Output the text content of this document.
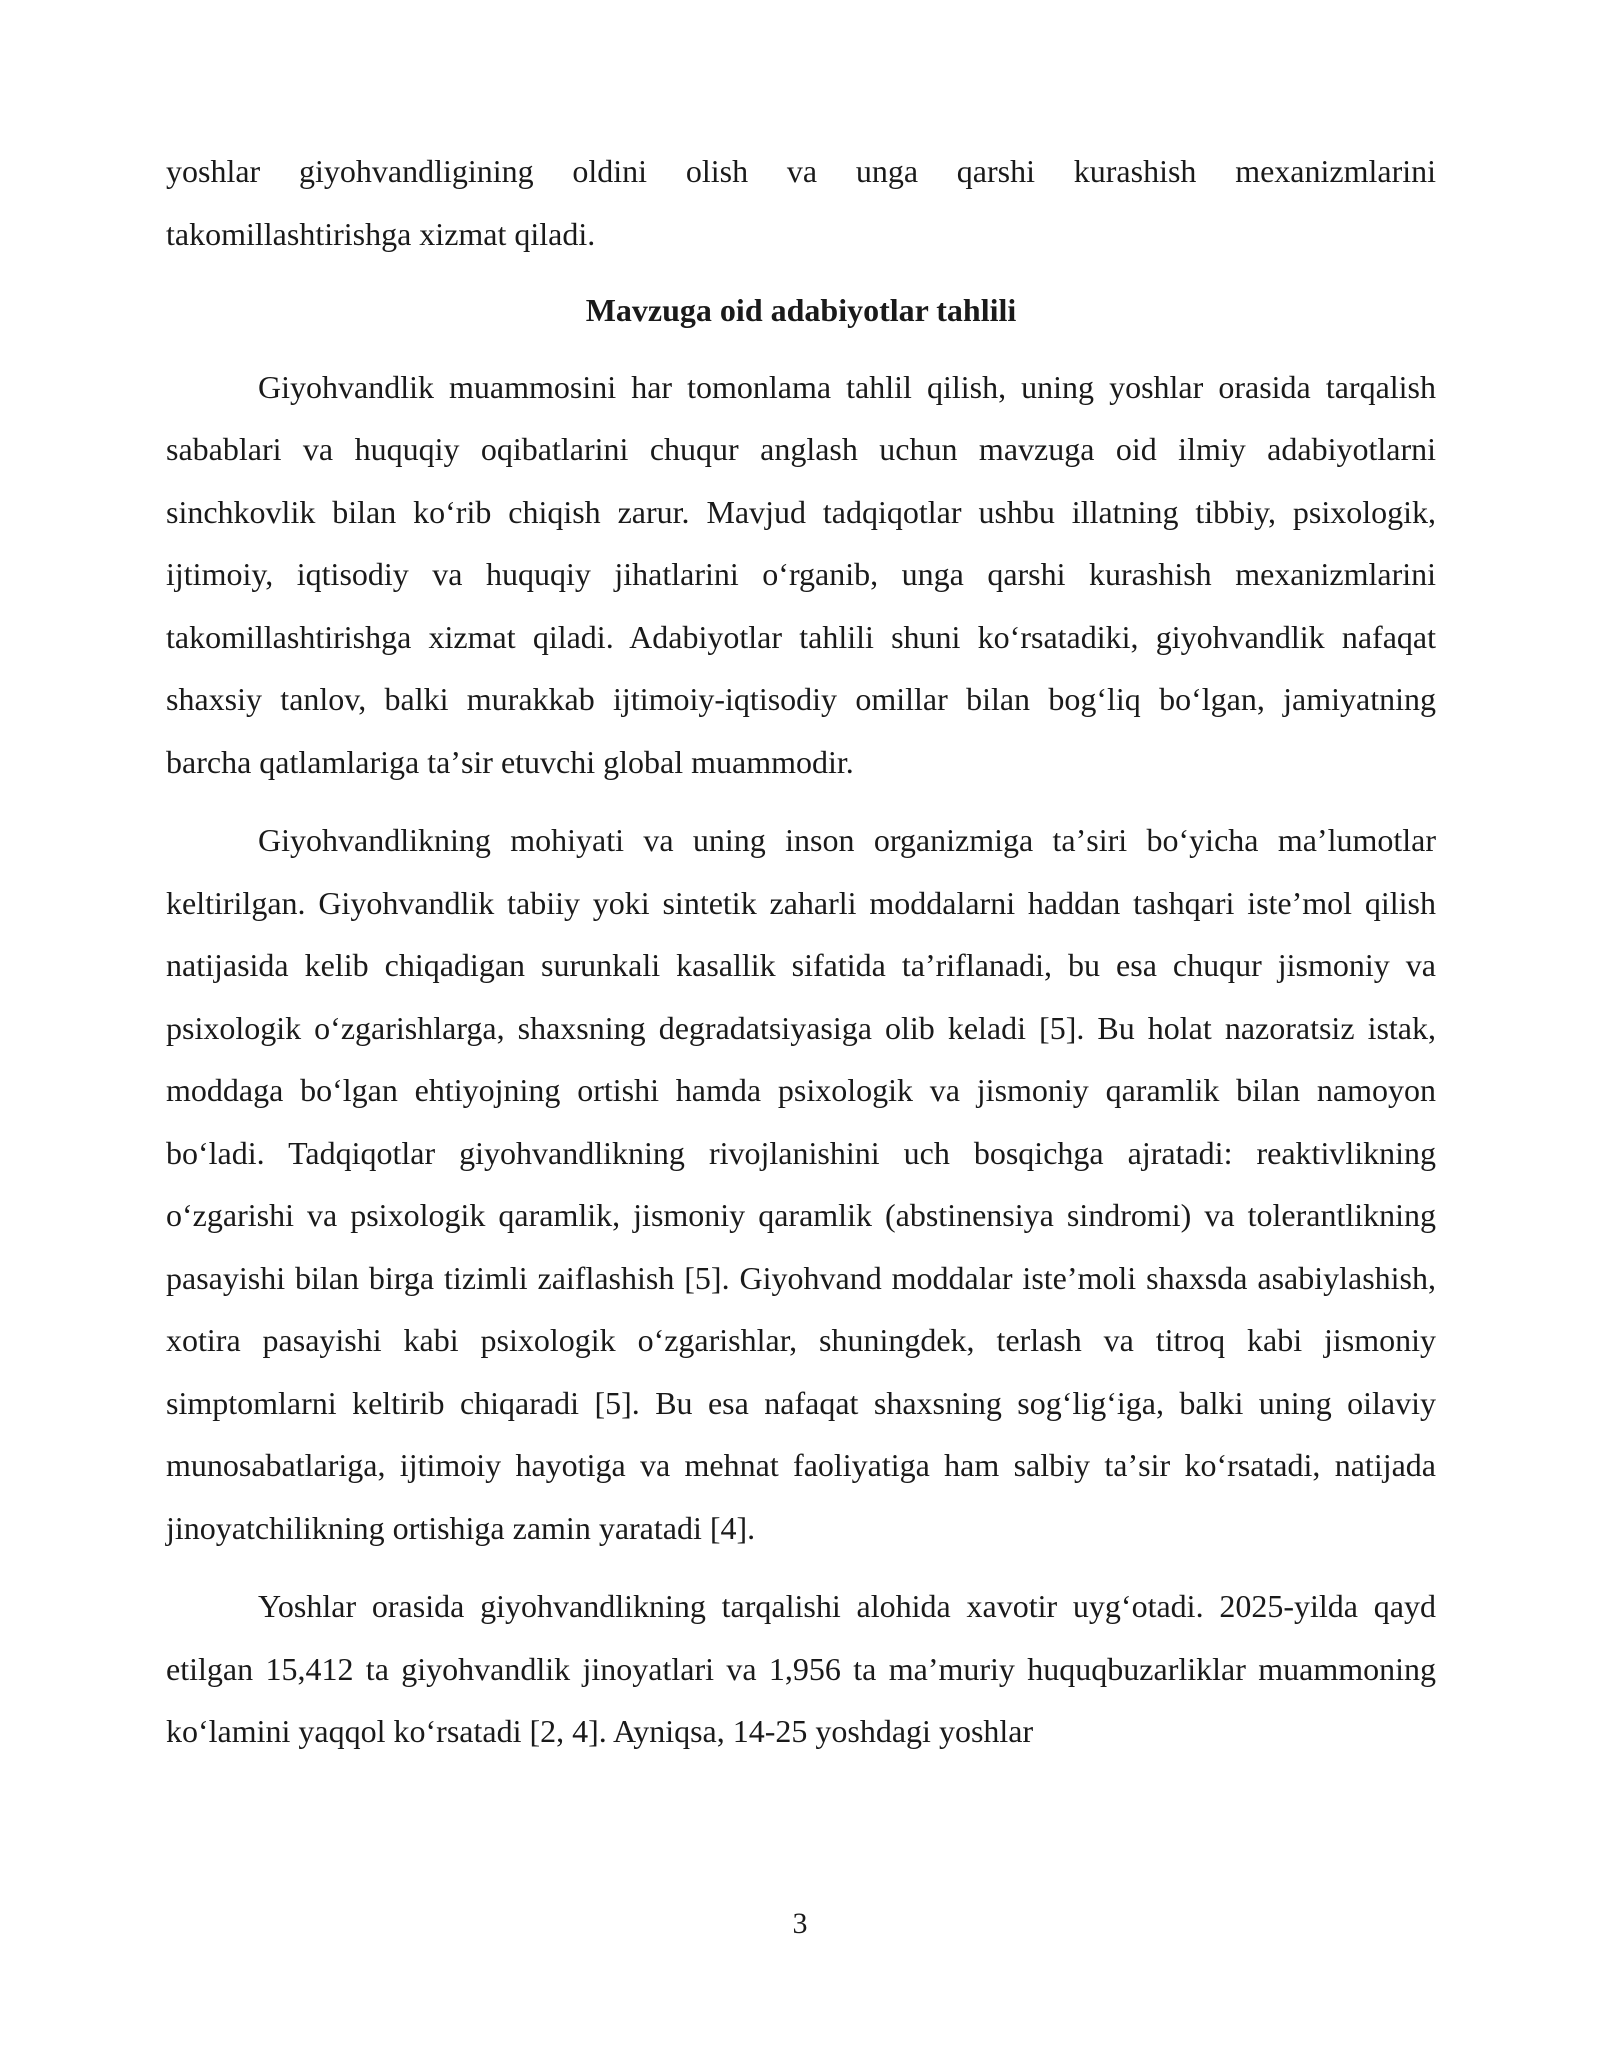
yoshlar giyohvandligining oldini olish va unga qarshi kurashish mexanizmlarini takomillashtirishga xizmat qiladi.

Mavzuga oid adabiyotlar tahlili

Giyohvandlik muammosini har tomonlama tahlil qilish, uning yoshlar orasida tarqalish sabablari va huquqiy oqibatlarini chuqur anglash uchun mavzuga oid ilmiy adabiyotlarni sinchkovlik bilan koʻrib chiqish zarur. Mavjud tadqiqotlar ushbu illatning tibbiy, psixologik, ijtimoiy, iqtisodiy va huquqiy jihatlarini oʻrganib, unga qarshi kurashish mexanizmlarini takomillashtirishga xizmat qiladi. Adabiyotlar tahlili shuni koʻrsatadiki, giyohvandlik nafaqat shaxsiy tanlov, balki murakkab ijtimoiy-iqtisodiy omillar bilan bogʻliq boʻlgan, jamiyatning barcha qatlamlariga taʼsir etuvchi global muammodir.

Giyohvandlikning mohiyati va uning inson organizmiga taʼsiri boʻyicha maʼlumotlar keltirilgan. Giyohvandlik tabiiy yoki sintetik zaharli moddalarni haddan tashqari isteʼmol qilish natijasida kelib chiqadigan surunkali kasallik sifatida taʼriflanadi, bu esa chuqur jismoniy va psixologik oʻzgarishlarga, shaxsning degradatsiyasiga olib keladi [5]. Bu holat nazoratsiz istak, moddaga boʻlgan ehtiyojning ortishi hamda psixologik va jismoniy qaramlik bilan namoyon boʻladi. Tadqiqotlar giyohvandlikning rivojlanishini uch bosqichga ajratadi: reaktivlikning oʻzgarishi va psixologik qaramlik, jismoniy qaramlik (abstinensiya sindromi) va tolerantlikning pasayishi bilan birga tizimli zaiflashish [5]. Giyohvand moddalar isteʼmoli shaxsda asabiylashish, xotira pasayishi kabi psixologik oʻzgarishlar, shuningdek, terlash va titroq kabi jismoniy simptomlarni keltirib chiqaradi [5]. Bu esa nafaqat shaxsning sogʻligʻiga, balki uning oilaviy munosabatlariga, ijtimoiy hayotiga va mehnat faoliyatiga ham salbiy taʼsir koʻrsatadi, natijada jinoyatchilikning ortishiga zamin yaratadi [4].

Yoshlar orasida giyohvandlikning tarqalishi alohida xavotir uygʻotadi. 2025-yilda qayd etilgan 15,412 ta giyohvandlik jinoyatlari va 1,956 ta maʼmuriy huquqbuzarliklar muammoning koʻlamini yaqqol koʻrsatadi [2, 4]. Ayniqsa, 14-25 yoshdagi yoshlar

3
